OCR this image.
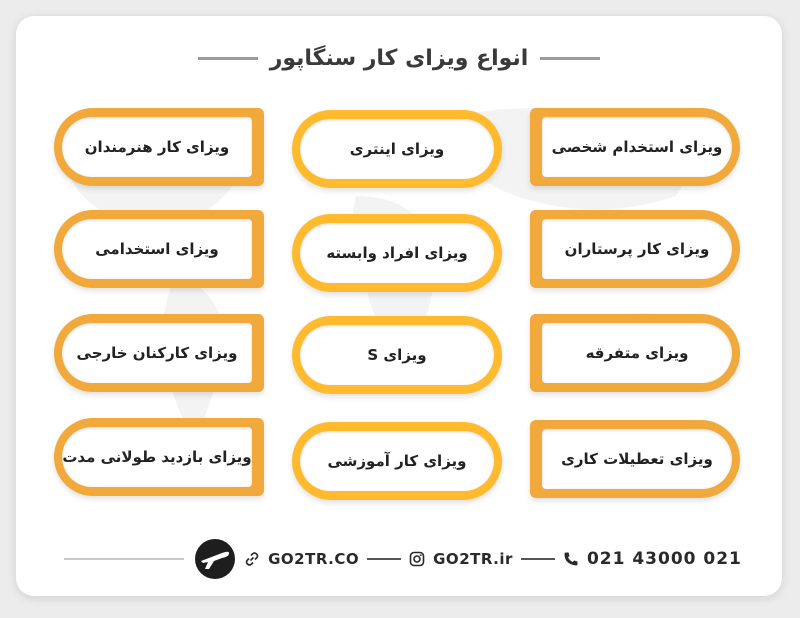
انواع ویزای کار سنگاپور
ویزای کار هنرمندان	ویزای اینتری	ویزای استخدام شخصی
ویزای استخدامی	ویزای افراد وابسته	ویزای کار پرستاران
ویزای کارکنان خارجی	ویزای S	ویزای متفرقه
ویزای بازدید طولانی مدت	ویزای کار آموزشی	ویزای تعطیلات کاری
GO2TR.CO	GO2TR.ir	021 43000 021
